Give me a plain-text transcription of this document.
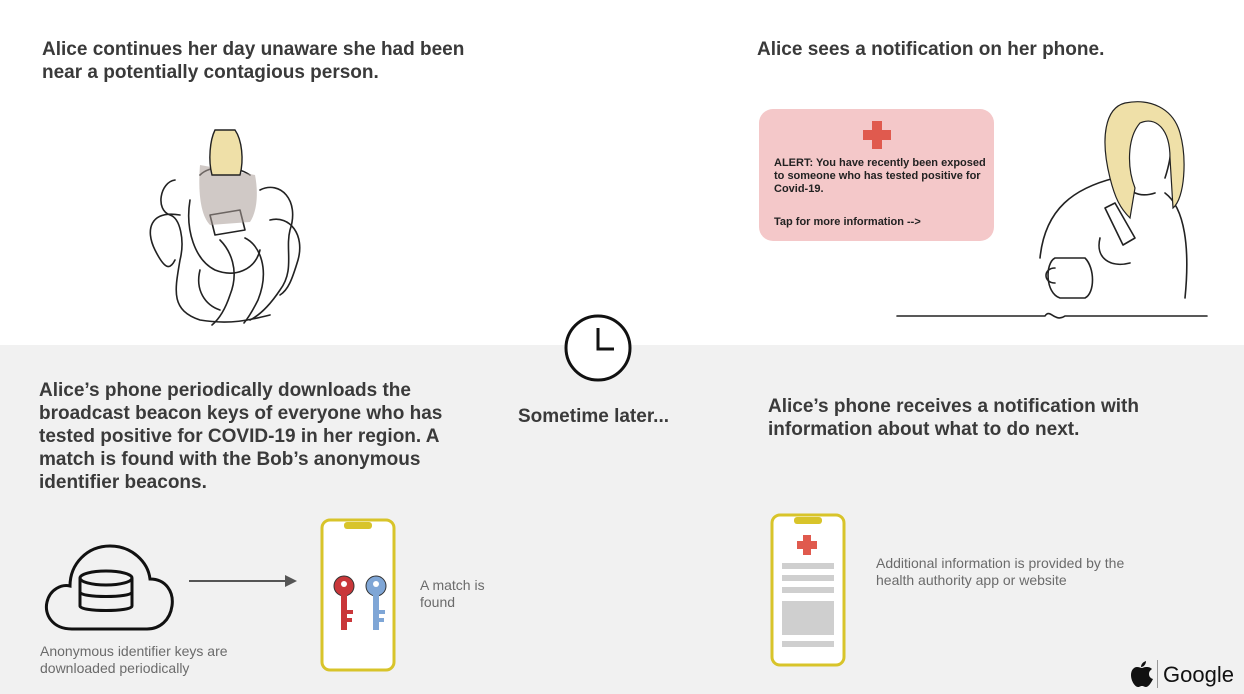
Alice continues her day unaware she had been near a potentially contagious person.
Alice sees a notification on her phone.
ALERT: You have recently been exposed to someone who has tested positive for Covid-19.
Tap for more information -->
Sometime later...
Alice’s phone periodically downloads the broadcast beacon keys of everyone who has tested positive for COVID-19 in her region. A match is found with the Bob’s anonymous identifier beacons.
Anonymous identifier keys are downloaded periodically
A match is found
Alice’s phone receives a notification with information about what to do next.
Additional information is provided by the health authority app or website
Google
